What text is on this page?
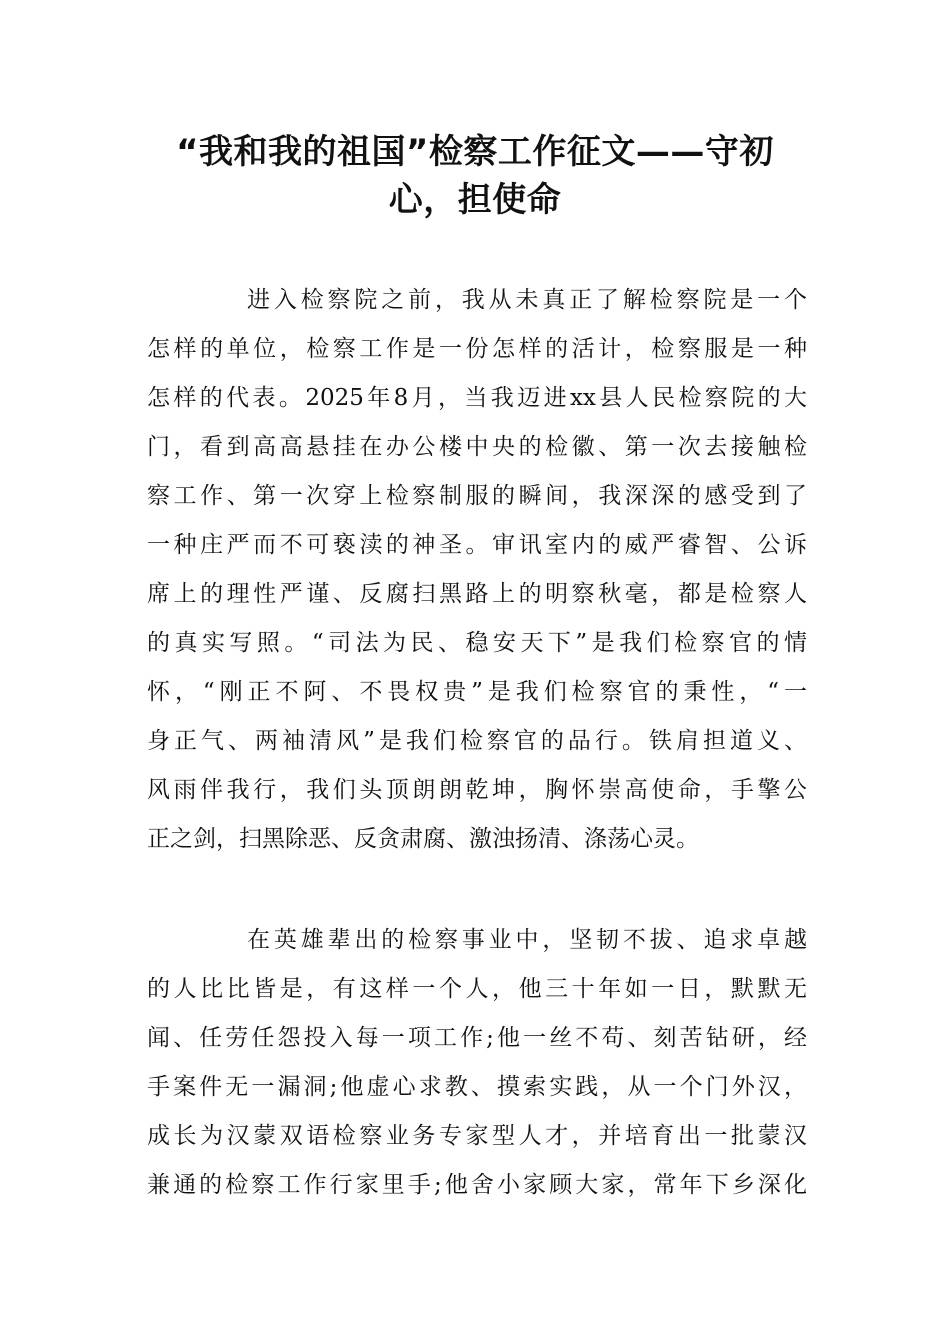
“我和我的祖国”检察工作征文——守初
心，担使命
进入检察院之前，我从未真正了解检察院是一个
怎样的单位，检察工作是一份怎样的活计，检察服是一种
怎样的代表。2025年8月，当我迈进xx县人民检察院的大
门，看到高高悬挂在办公楼中央的检徽、第一次去接触检
察工作、第一次穿上检察制服的瞬间，我深深的感受到了
一种庄严而不可亵渎的神圣。审讯室内的威严睿智、公诉
席上的理性严谨、反腐扫黑路上的明察秋毫，都是检察人
的真实写照。“司法为民、稳安天下”是我们检察官的情
怀，“刚正不阿、不畏权贵”是我们检察官的秉性，“一
身正气、两袖清风”是我们检察官的品行。铁肩担道义、
风雨伴我行，我们头顶朗朗乾坤，胸怀崇高使命，手擎公
正之剑，扫黑除恶、反贪肃腐、激浊扬清、涤荡心灵。
在英雄辈出的检察事业中，坚韧不拔、追求卓越
的人比比皆是，有这样一个人，他三十年如一日，默默无
闻、任劳任怨投入每一项工作;他一丝不苟、刻苦钻研，经
手案件无一漏洞;他虚心求教、摸索实践，从一个门外汉，
成长为汉蒙双语检察业务专家型人才，并培育出一批蒙汉
兼通的检察工作行家里手;他舍小家顾大家，常年下乡深化
